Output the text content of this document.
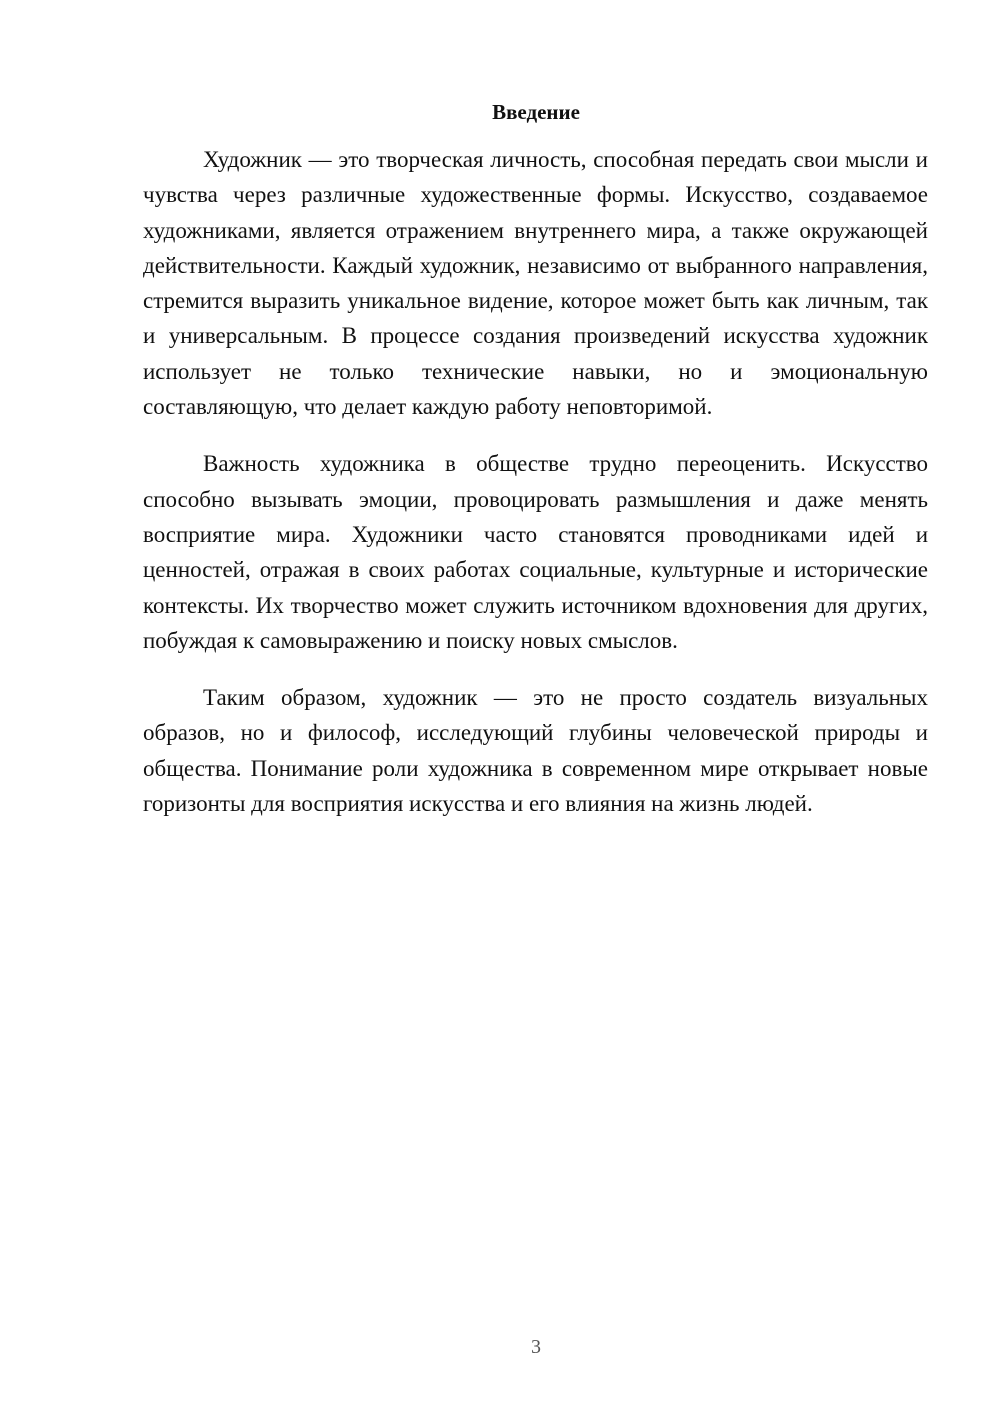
Введение

Художник — это творческая личность, способная передать свои мысли и чувства через различные художественные формы. Искусство, создаваемое художниками, является отражением внутреннего мира, а также окружающей действительности. Каждый художник, независимо от выбранного направления, стремится выразить уникальное видение, которое может быть как личным, так и универсальным. В процессе создания произведений искусства художник использует не только технические навыки, но и эмоциональную составляющую, что делает каждую работу неповторимой.

Важность художника в обществе трудно переоценить. Искусство способно вызывать эмоции, провоцировать размышления и даже менять восприятие мира. Художники часто становятся проводниками идей и ценностей, отражая в своих работах социальные, культурные и исторические контексты. Их творчество может служить источником вдохновения для других, побуждая к самовыражению и поиску новых смыслов.

Таким образом, художник — это не просто создатель визуальных образов, но и философ, исследующий глубины человеческой природы и общества. Понимание роли художника в современном мире открывает новые горизонты для восприятия искусства и его влияния на жизнь людей.

3
